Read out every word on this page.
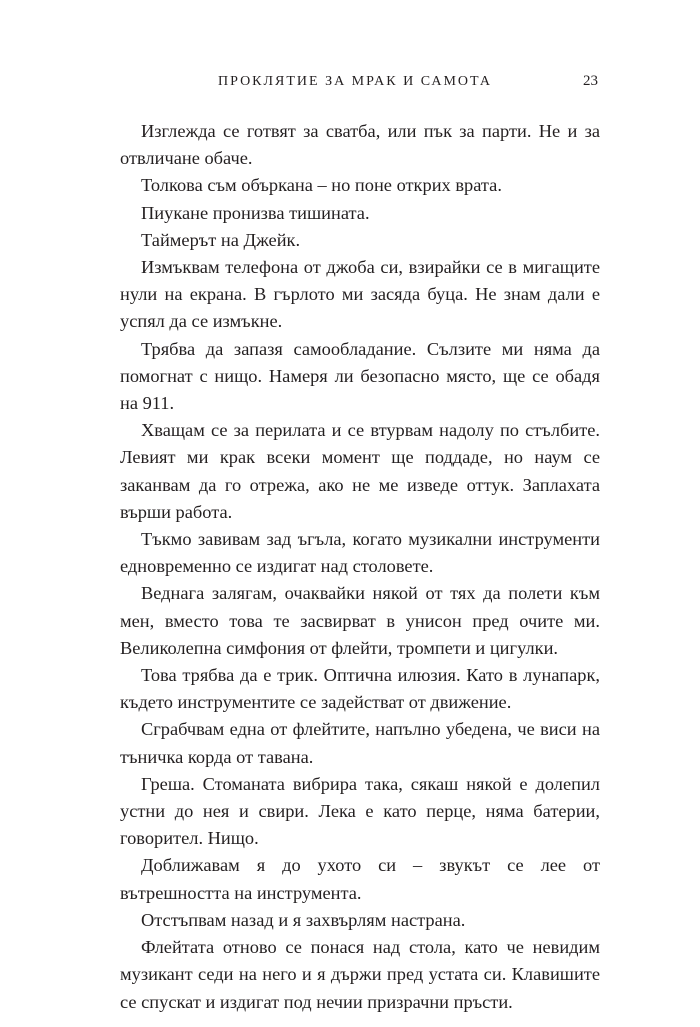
ПРОКЛЯТИЕ ЗА МРАК И САМОТА	23

Изглежда се готвят за сватба, или пък за парти. Не и за отвличане обаче.

Толкова съм объркана – но поне открих врата.

Пиукане пронизва тишината.

Таймерът на Джейк.

Измъквам телефона от джоба си, взирайки се в мигащите нули на екрана. В гърлото ми засяда буца. Не знам дали е успял да се измъкне.

Трябва да запазя самообладание. Сълзите ми няма да помогнат с нищо. Намеря ли безопасно място, ще се обадя на 911.

Хващам се за перилата и се втурвам надолу по стълбите. Левият ми крак всеки момент ще поддаде, но наум се заканвам да го отрежа, ако не ме изведе оттук. Заплахата върши работа.

Тъкмо завивам зад ъгъла, когато музикални инструменти едновременно се издигат над столовете.

Веднага залягам, очаквайки някой от тях да полети към мен, вместо това те засвирват в унисон пред очите ми. Великолепна симфония от флейти, тромпети и цигулки.

Това трябва да е трик. Оптична илюзия. Като в лунапарк, където инструментите се задействат от движение.

Сграбчвам една от флейтите, напълно убедена, че виси на тъничка корда от тавана.

Греша. Стоманата вибрира така, сякаш някой е долепил устни до нея и свири. Лека е като перце, няма батерии, говорител. Нищо.

Доближавам я до ухото си – звукът се лее от вътрешността на инструмента.

Отстъпвам назад и я захвърлям настрана.

Флейтата отново се понася над стола, като че невидим музикант седи на него и я държи пред устата си. Клавишите се спускат и издигат под нечии призрачни пръсти.
